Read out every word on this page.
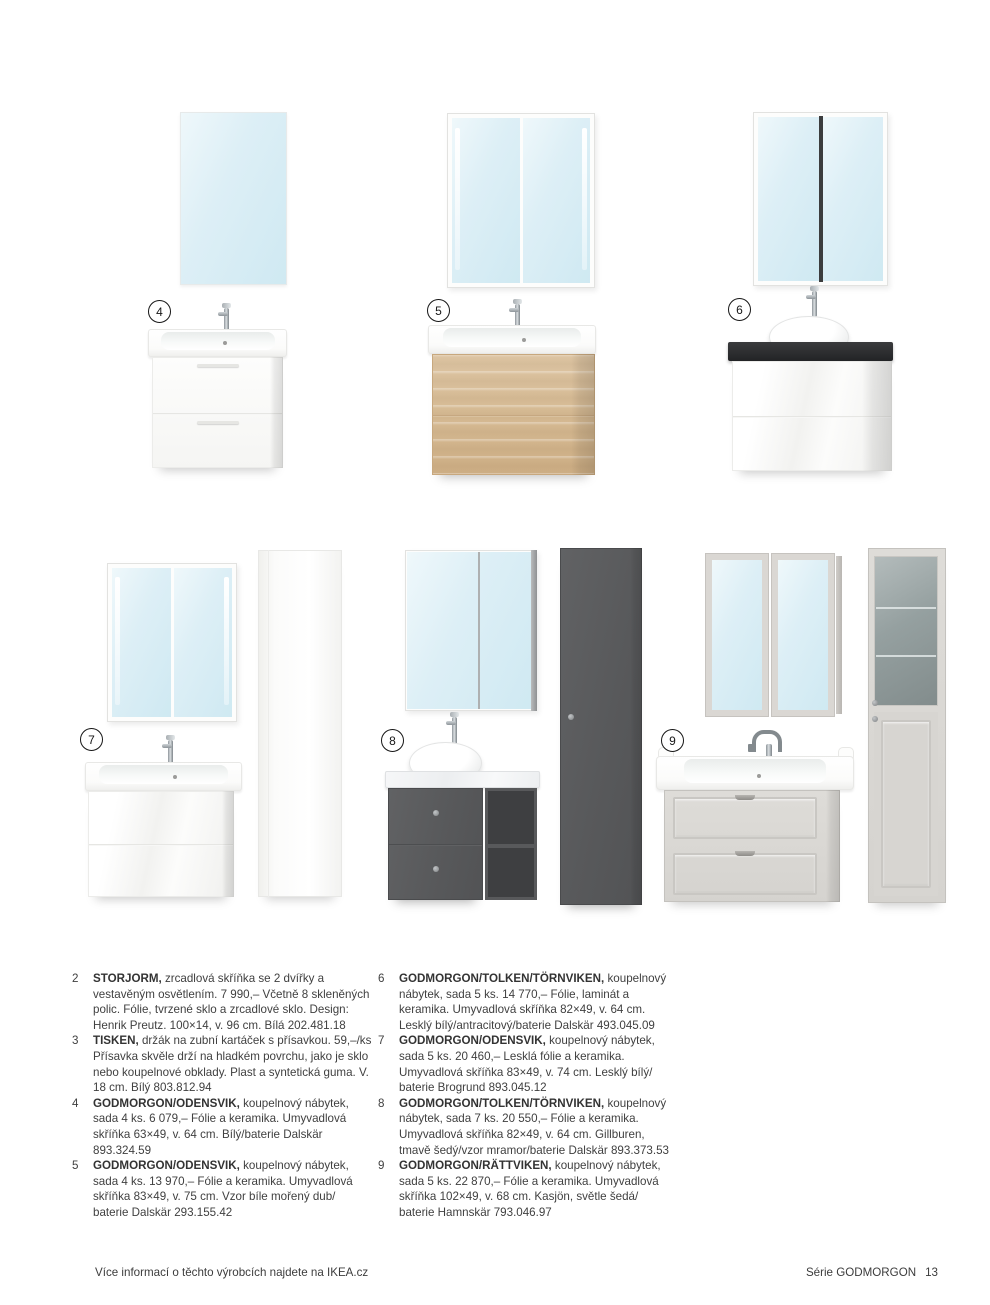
4	5	6
7	8	9
2	STORJORM, zrcadlová skříňka se 2 dvířky a vestavěným osvětlením. 7 990,– Včetně 8 skleněných polic. Fólie, tvrzené sklo a zrcadlové sklo. Design: Henrik Preutz. 100×14, v. 96 cm. Bílá 202.481.18

3	TISKEN, držák na zubní kartáček s přísavkou. 59,–/ks Přísavka skvěle drží na hladkém povrchu, jako je sklo nebo koupelnové obklady. Plast a syntetická guma. V. 18 cm. Bílý 803.812.94

4	GODMORGON/ODENSVIK, koupelnový nábytek, sada 4 ks. 6 079,– Fólie a keramika. Umyvadlová skříňka 63×49, v. 64 cm. Bílý/baterie Dalskär 893.324.59

5	GODMORGON/ODENSVIK, koupelnový nábytek, sada 4 ks. 13 970,– Fólie a keramika. Umyvadlová skříňka 83×49, v. 75 cm. Vzor bíle mořený dub/ baterie Dalskär 293.155.42

6	GODMORGON/TOLKEN/TÖRNVIKEN, koupelnový nábytek, sada 5 ks. 14 770,– Fólie, laminát a keramika. Umyvadlová skříňka 82×49, v. 64 cm. Lesklý bílý/antracitový/baterie Dalskär 493.045.09

7	GODMORGON/ODENSVIK, koupelnový nábytek, sada 5 ks. 20 460,– Lesklá fólie a keramika. Umyvadlová skříňka 83×49, v. 74 cm. Lesklý bílý/ baterie Brogrund 893.045.12

8	GODMORGON/TOLKEN/TÖRNVIKEN, koupelnový nábytek, sada 7 ks. 20 550,– Fólie a keramika. Umyvadlová skříňka 82×49, v. 64 cm. Gillburen, tmavě šedý/vzor mramor/baterie Dalskär 893.373.53

9	GODMORGON/RÄTTVIKEN, koupelnový nábytek, sada 5 ks. 22 870,– Fólie a keramika. Umyvadlová skříňka 102×49, v. 68 cm. Kasjön, světle šedá/ baterie Hamnskär 793.046.97

Více informací o těchto výrobcích najdete na IKEA.cz	Série GODMORGON 13
